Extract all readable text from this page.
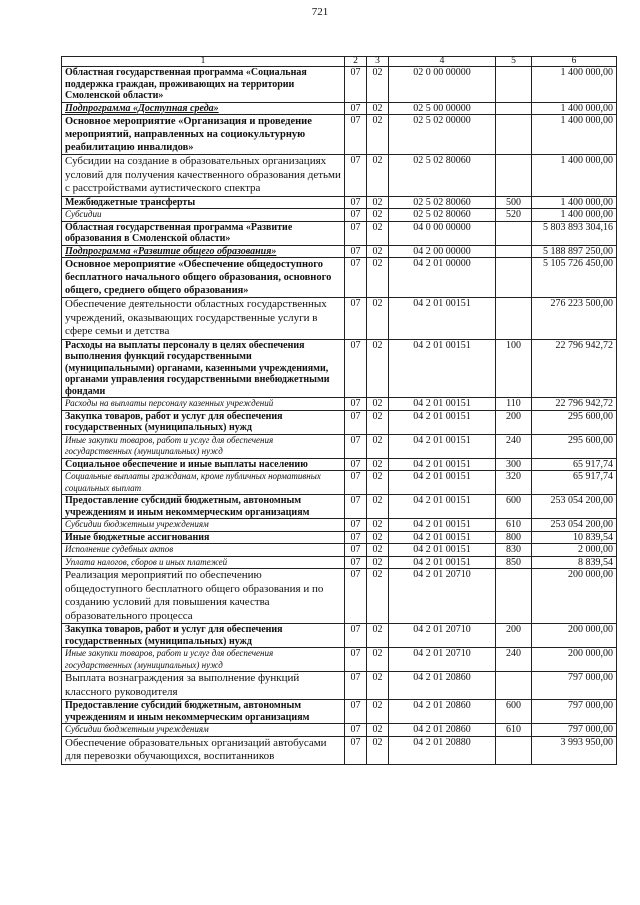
721
1	2	3	4	5	6
Областная государственная программа «Социальная поддержка граждан, проживающих на территории Смоленской области»	07	02	02 0 00 00000		1 400 000,00
Подпрограмма «Доступная среда»	07	02	02 5 00 00000		1 400 000,00
Основное мероприятие «Организация и проведение мероприятий, направленных на социокультурную реабилитацию инвалидов»	07	02	02 5 02 00000		1 400 000,00
Субсидии на создание в образовательных организациях условий для получения качественного образования детьми с расстройствами аутистического спектра	07	02	02 5 02 80060		1 400 000,00
Межбюджетные трансферты	07	02	02 5 02 80060	500	1 400 000,00
Субсидии	07	02	02 5 02 80060	520	1 400 000,00
Областная государственная программа «Развитие образования в Смоленской области»	07	02	04 0 00 00000		5 803 893 304,16
Подпрограмма «Развитие общего образования»	07	02	04 2 00 00000		5 188 897 250,00
Основное мероприятие «Обеспечение общедоступного бесплатного начального общего образования, основного общего, среднего общего образования»	07	02	04 2 01 00000		5 105 726 450,00
Обеспечение деятельности областных государственных учреждений, оказывающих государственные услуги в сфере семьи и детства	07	02	04 2 01 00151		276 223 500,00
Расходы на выплаты персоналу в целях обеспечения выполнения функций государственными (муниципальными) органами, казенными учреждениями, органами управления государственными внебюджетными фондами	07	02	04 2 01 00151	100	22 796 942,72
Расходы на выплаты персоналу казенных учреждений	07	02	04 2 01 00151	110	22 796 942,72
Закупка товаров, работ и услуг для обеспечения государственных (муниципальных) нужд	07	02	04 2 01 00151	200	295 600,00
Иные закупки товаров, работ и услуг для обеспечения государственных (муниципальных) нужд	07	02	04 2 01 00151	240	295 600,00
Социальное обеспечение и иные выплаты населению	07	02	04 2 01 00151	300	65 917,74
Социальные выплаты гражданам, кроме публичных нормативных социальных выплат	07	02	04 2 01 00151	320	65 917,74
Предоставление субсидий бюджетным, автономным учреждениям и иным некоммерческим организациям	07	02	04 2 01 00151	600	253 054 200,00
Субсидии бюджетным учреждениям	07	02	04 2 01 00151	610	253 054 200,00
Иные бюджетные ассигнования	07	02	04 2 01 00151	800	10 839,54
Исполнение судебных актов	07	02	04 2 01 00151	830	2 000,00
Уплата налогов, сборов и иных платежей	07	02	04 2 01 00151	850	8 839,54
Реализация мероприятий по обеспечению общедоступного бесплатного общего образования и по созданию условий для повышения качества образовательного процесса	07	02	04 2 01 20710		200 000,00
Закупка товаров, работ и услуг для обеспечения государственных (муниципальных) нужд	07	02	04 2 01 20710	200	200 000,00
Иные закупки товаров, работ и услуг для обеспечения государственных (муниципальных) нужд	07	02	04 2 01 20710	240	200 000,00
Выплата вознаграждения за выполнение функций классного руководителя	07	02	04 2 01 20860		797 000,00
Предоставление субсидий бюджетным, автономным учреждениям и иным некоммерческим организациям	07	02	04 2 01 20860	600	797 000,00
Субсидии бюджетным учреждениям	07	02	04 2 01 20860	610	797 000,00
Обеспечение образовательных организаций автобусами для перевозки обучающихся, воспитанников	07	02	04 2 01 20880		3 993 950,00
